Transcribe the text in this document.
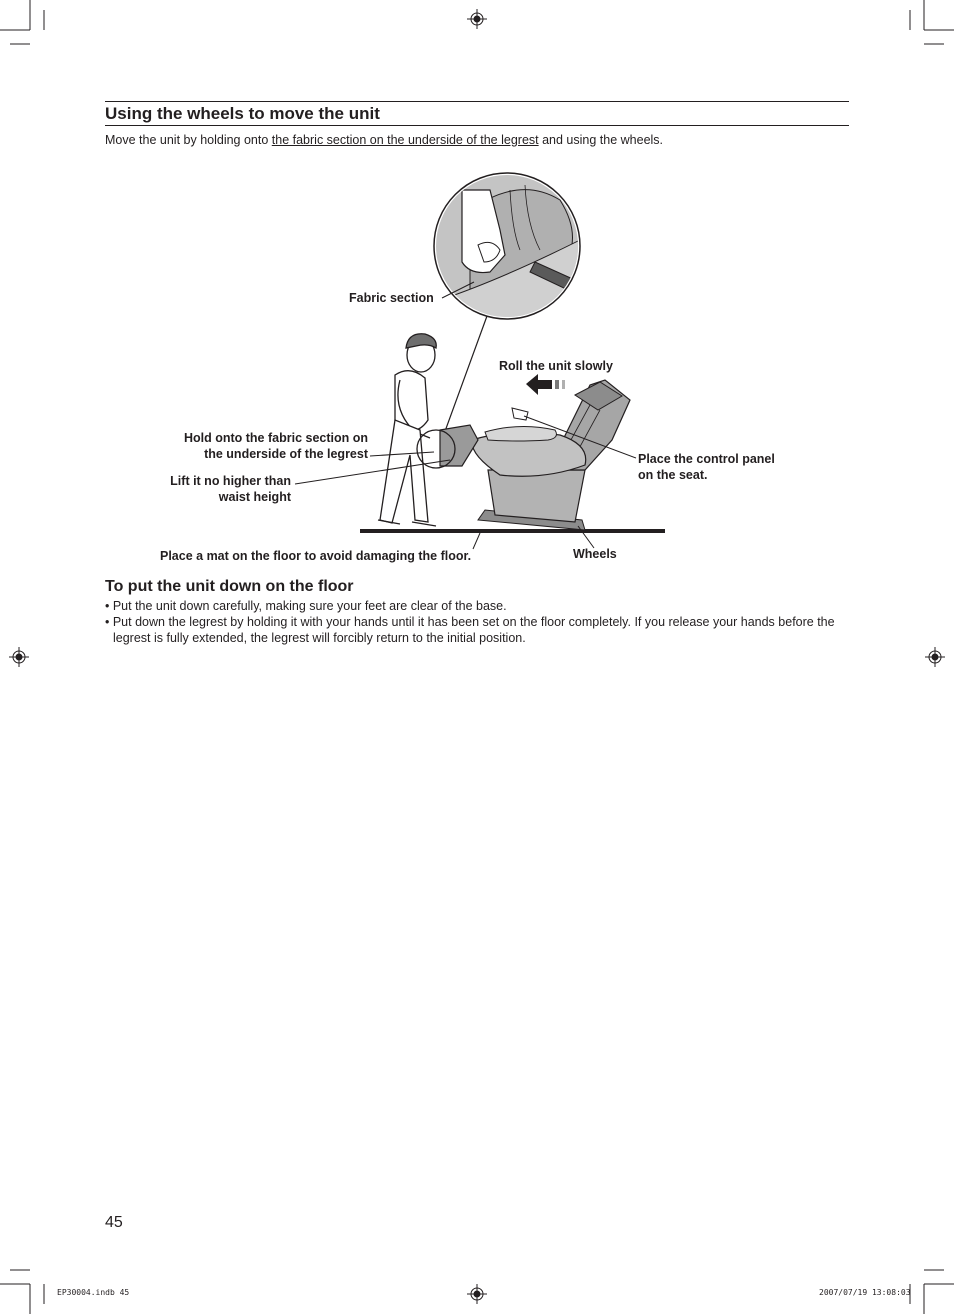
Using the wheels to move the unit
Move the unit by holding onto the fabric section on the underside of the legrest and using the wheels.
Fabric section
Roll the unit slowly
Hold onto the fabric section on
the underside of the legrest
Lift it no higher than
waist height
Place the control panel
on the seat.
Place a mat on the floor to avoid damaging the floor.	Wheels
To put the unit down on the floor
• Put the unit down carefully, making sure your feet are clear of the base.
• Put down the legrest by holding it with your hands until it has been set on the floor completely. If you release your hands before the legrest is fully extended, the legrest will forcibly return to the initial position.
45
EP30004.indb 45	2007/07/19 13:08:03
